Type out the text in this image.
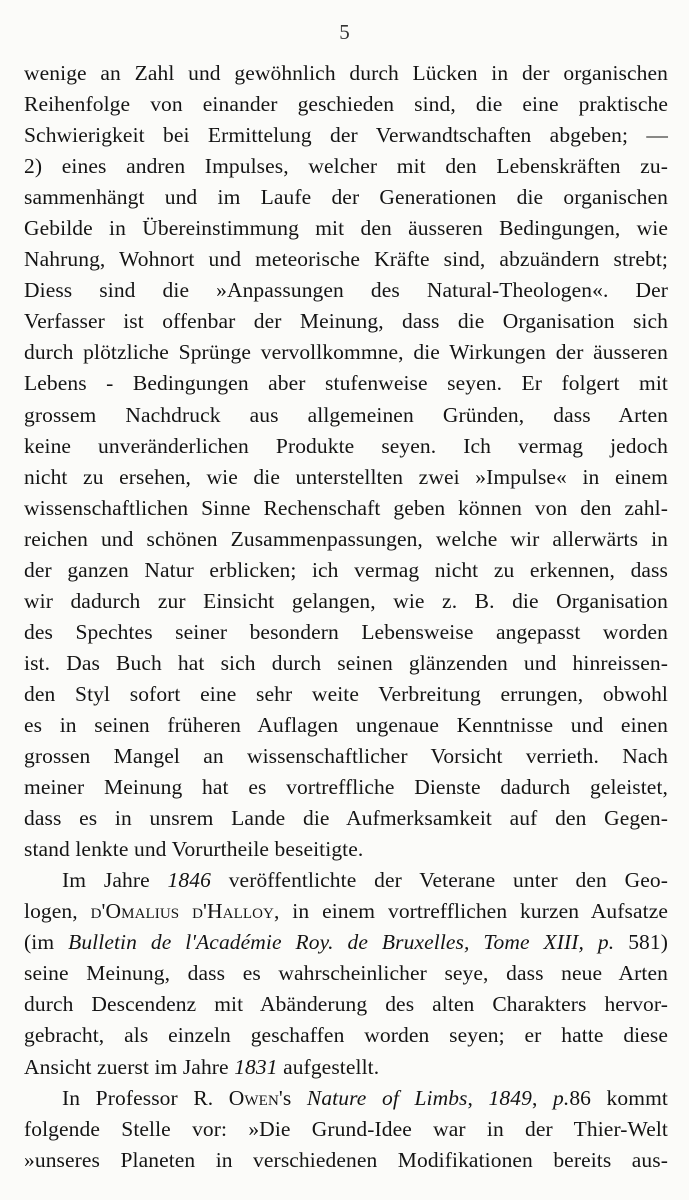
5
wenige an Zahl und gewöhnlich durch Lücken in der organischen
Reihenfolge von einander geschieden sind, die eine praktische
Schwierigkeit bei Ermittelung der Verwandtschaften abgeben; —
2) eines andren Impulses, welcher mit den Lebenskräften zu-
sammenhängt und im Laufe der Generationen die organischen
Gebilde in Übereinstimmung mit den äusseren Bedingungen, wie
Nahrung, Wohnort und meteorische Kräfte sind, abzuändern strebt;
Diess sind die »Anpassungen des Natural-Theologen«. Der
Verfasser ist offenbar der Meinung, dass die Organisation sich
durch plötzliche Sprünge vervollkommne, die Wirkungen der äusseren
Lebens - Bedingungen aber stufenweise seyen. Er folgert mit
grossem Nachdruck aus allgemeinen Gründen, dass Arten
keine unveränderlichen Produkte seyen. Ich vermag jedoch
nicht zu ersehen, wie die unterstellten zwei »Impulse« in einem
wissenschaftlichen Sinne Rechenschaft geben können von den zahl-
reichen und schönen Zusammenpassungen, welche wir allerwärts in
der ganzen Natur erblicken; ich vermag nicht zu erkennen, dass
wir dadurch zur Einsicht gelangen, wie z. B. die Organisation
des Spechtes seiner besondern Lebensweise angepasst worden
ist. Das Buch hat sich durch seinen glänzenden und hinreissen-
den Styl sofort eine sehr weite Verbreitung errungen, obwohl
es in seinen früheren Auflagen ungenaue Kenntnisse und einen
grossen Mangel an wissenschaftlicher Vorsicht verrieth. Nach
meiner Meinung hat es vortreffliche Dienste dadurch geleistet,
dass es in unsrem Lande die Aufmerksamkeit auf den Gegen-
stand lenkte und Vorurtheile beseitigte.
Im Jahre 1846 veröffentlichte der Veterane unter den Geo-
logen, d'Omalius d'Halloy, in einem vortrefflichen kurzen Aufsatze
(im Bulletin de l'Académie Roy. de Bruxelles, Tome XIII, p. 581)
seine Meinung, dass es wahrscheinlicher seye, dass neue Arten
durch Descendenz mit Abänderung des alten Charakters hervor-
gebracht, als einzeln geschaffen worden seyen; er hatte diese
Ansicht zuerst im Jahre 1831 aufgestellt.
In Professor R. Owen's Nature of Limbs, 1849, p.86 kommt
folgende Stelle vor: »Die Grund-Idee war in der Thier-Welt
»unseres Planeten in verschiedenen Modifikationen bereits aus-
